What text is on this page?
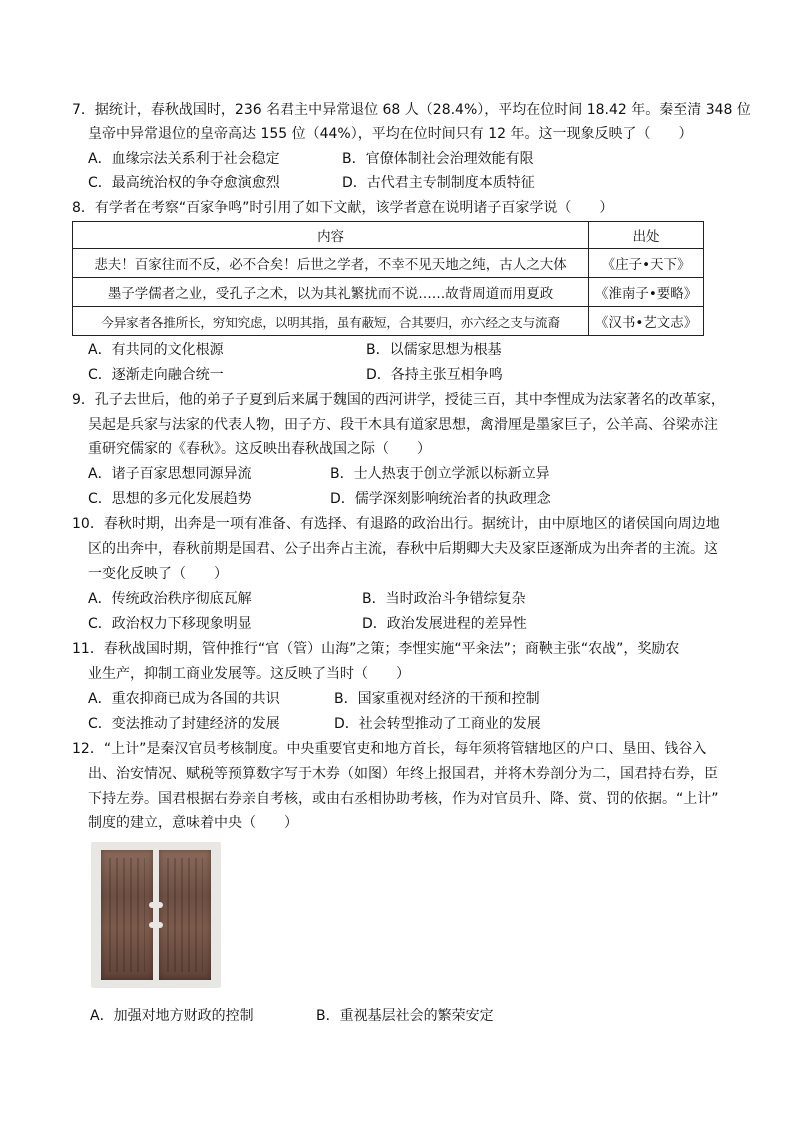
7．据统计，春秋战国时，236 名君主中异常退位 68 人（28.4%），平均在位时间 18.42 年。秦至清 348 位
皇帝中异常退位的皇帝高达 155 位（44%），平均在位时间只有 12 年。这一现象反映了（　　）
A．血缘宗法关系利于社会稳定	B．官僚体制社会治理效能有限
C．最高统治权的争夺愈演愈烈	D．古代君主专制制度本质特征
8．有学者在考察“百家争鸣”时引用了如下文献，该学者意在说明诸子百家学说（　　）
内容	出处
悲夫！百家往而不反，必不合矣！后世之学者，不幸不见天地之纯，古人之大体	《庄子•天下》
墨子学儒者之业，受孔子之术，以为其礼繁扰而不说……故背周道而用夏政	《淮南子•要略》
今异家者各推所长，穷知究虑，以明其指，虽有蔽短，合其要归，亦六经之支与流裔	《汉书•艺文志》
A．有共同的文化根源	B．以儒家思想为根基
C．逐渐走向融合统一	D．各持主张互相争鸣
9．孔子去世后，他的弟子子夏到后来属于魏国的西河讲学，授徒三百，其中李悝成为法家著名的改革家，
吴起是兵家与法家的代表人物，田子方、段干木具有道家思想，禽滑厘是墨家巨子，公羊高、谷梁赤注
重研究儒家的《春秋》。这反映出春秋战国之际（　　）
A．诸子百家思想同源异流	B．士人热衷于创立学派以标新立异
C．思想的多元化发展趋势	D．儒学深刻影响统治者的执政理念
10．春秋时期，出奔是一项有准备、有选择、有退路的政治出行。据统计，由中原地区的诸侯国向周边地
区的出奔中，春秋前期是国君、公子出奔占主流，春秋中后期卿大夫及家臣逐渐成为出奔者的主流。这
一变化反映了（　　）
A．传统政治秩序彻底瓦解	B．当时政治斗争错综复杂
C．政治权力下移现象明显	D．政治发展进程的差异性
11．春秋战国时期，管仲推行“官（管）山海”之策；李悝实施“平籴法”；商鞅主张“农战”，奖励农
业生产，抑制工商业发展等。这反映了当时（　　）
A．重农抑商已成为各国的共识	B．国家重视对经济的干预和控制
C．变法推动了封建经济的发展	D．社会转型推动了工商业的发展
12．“上计”是秦汉官员考核制度。中央重要官吏和地方首长，每年须将管辖地区的户口、垦田、钱谷入
出、治安情况、赋税等预算数字写于木券（如图）年终上报国君，并将木券剖分为二，国君持右券，臣
下持左券。国君根据右券亲自考核，或由右丞相协助考核，作为对官员升、降、赏、罚的依据。“上计”
制度的建立，意味着中央（　　）
A．加强对地方财政的控制	B．重视基层社会的繁荣安定
